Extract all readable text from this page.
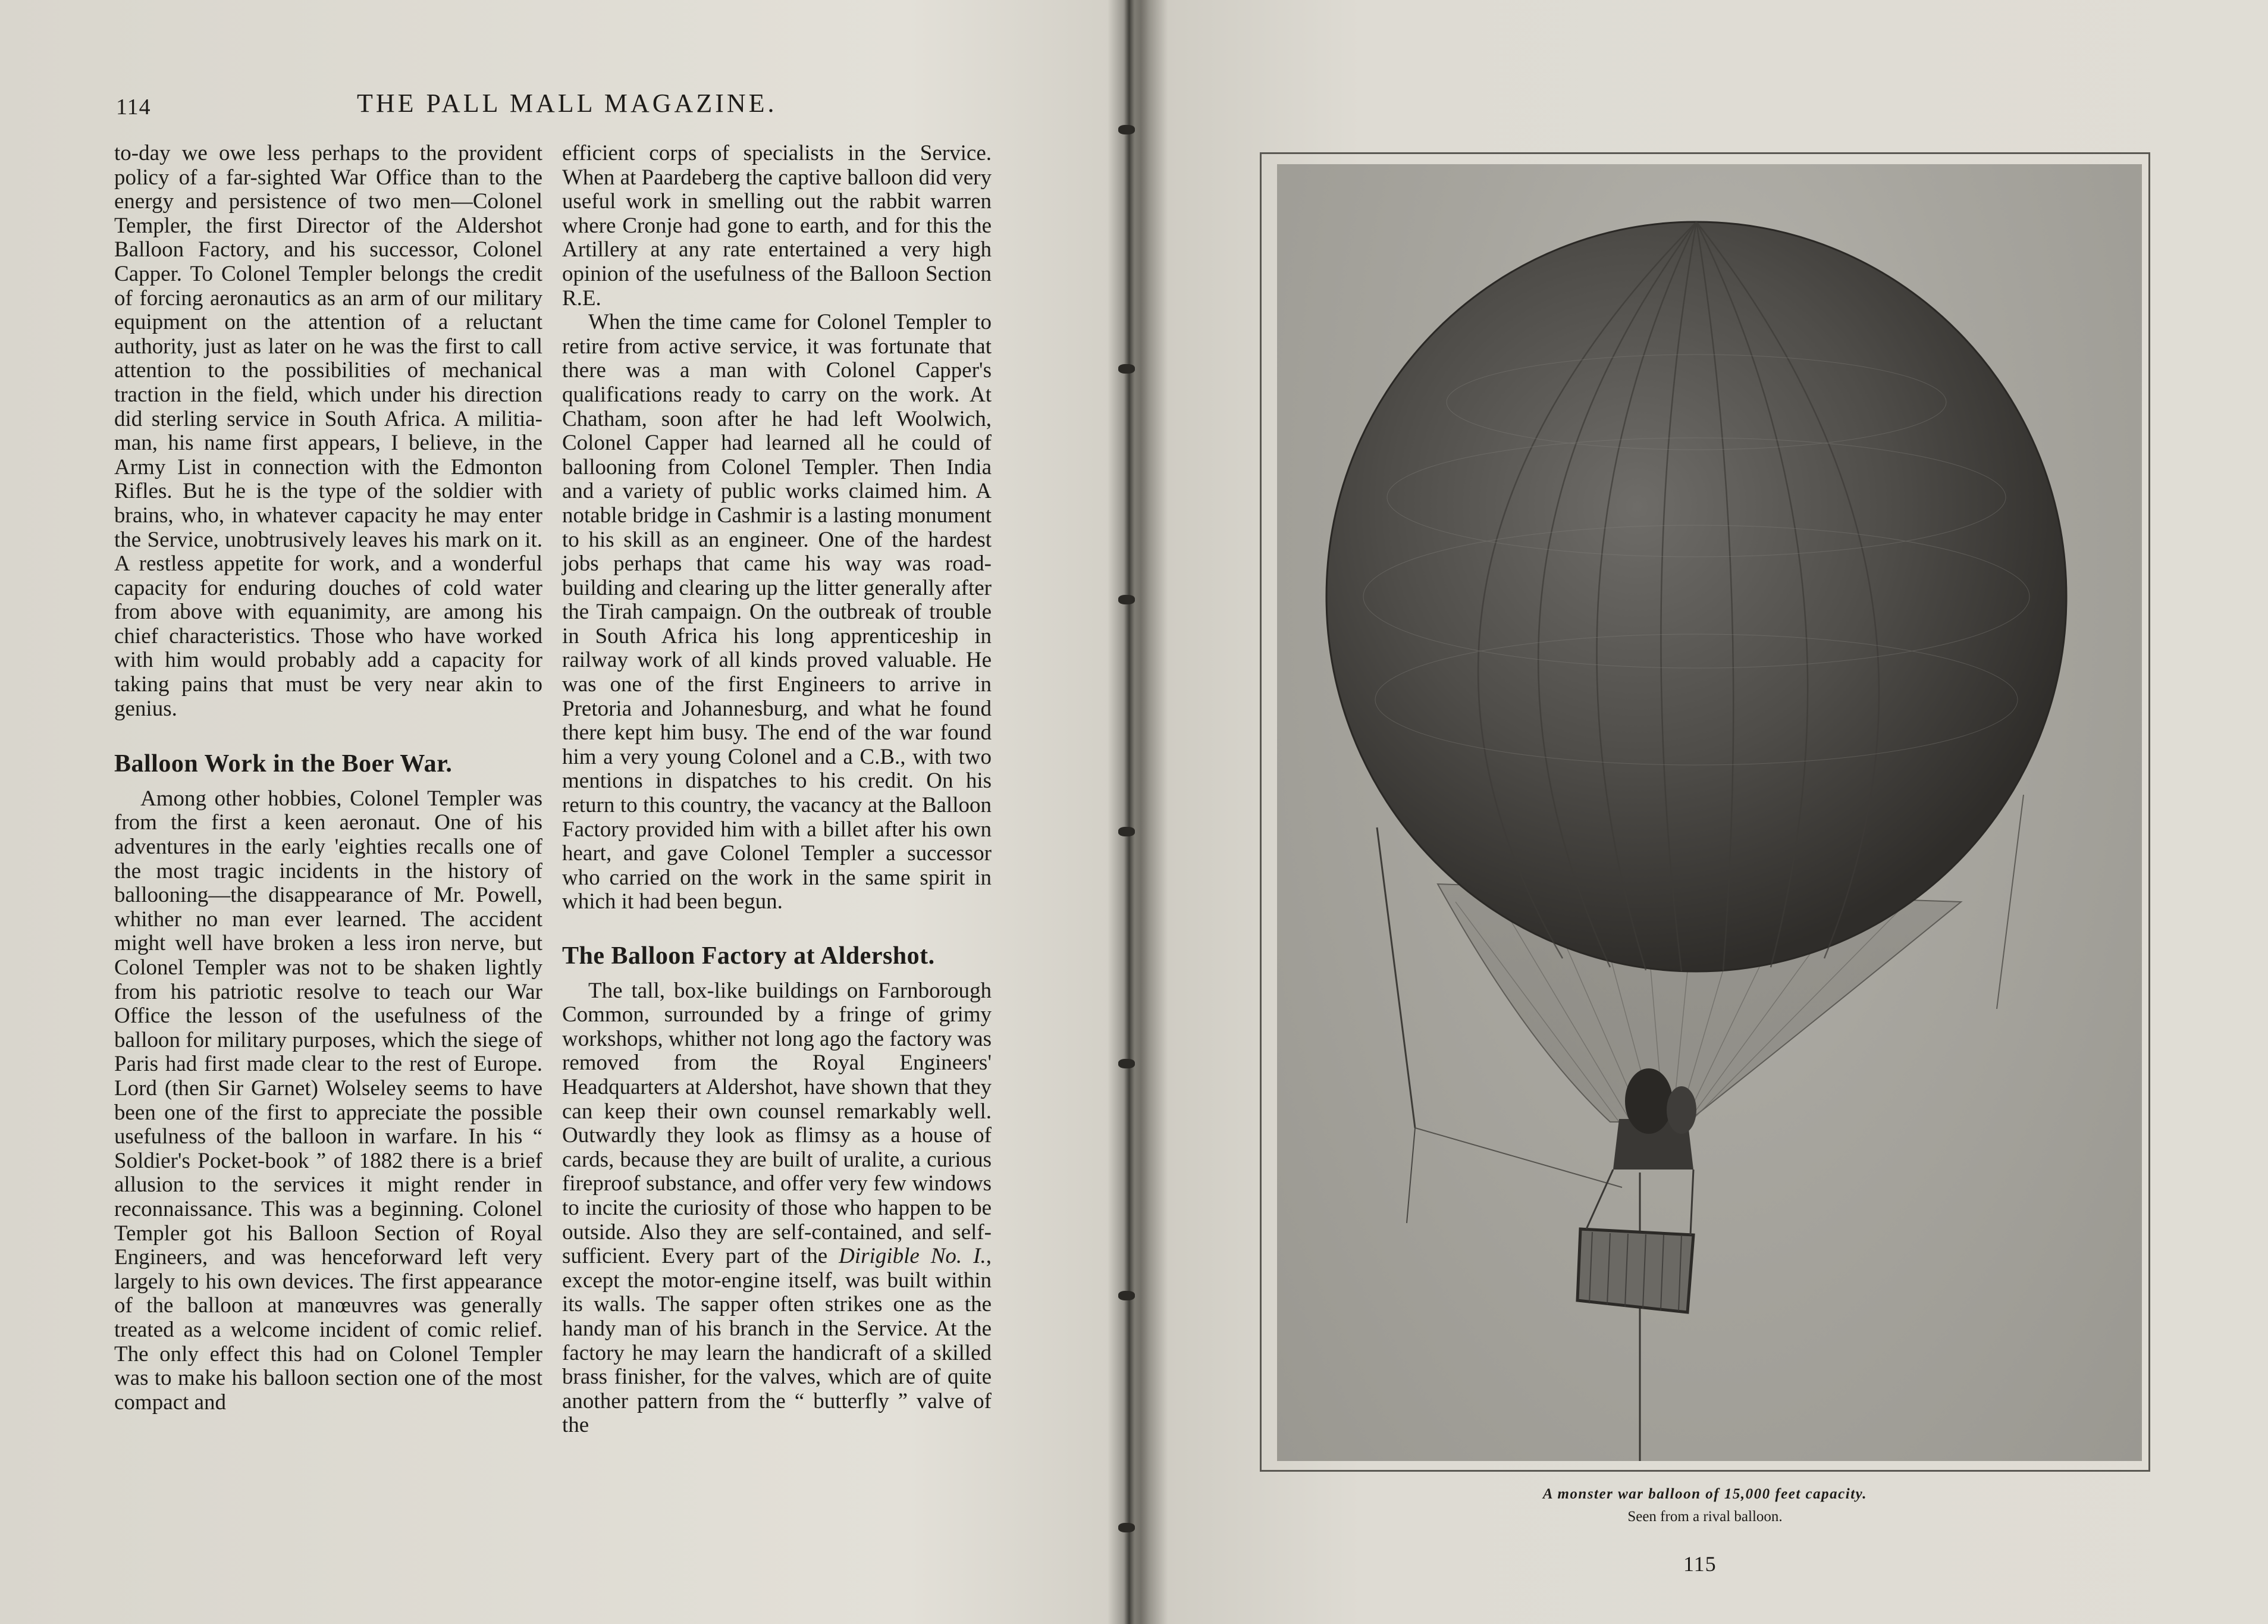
114	THE PALL MALL MAGAZINE.

to-day we owe less perhaps to the provident policy of a far-sighted War Office than to the energy and persistence of two men—Colonel Templer, the first Director of the Aldershot Balloon Factory, and his successor, Colonel Capper. To Colonel Templer belongs the credit of forcing aeronautics as an arm of our military equipment on the attention of a reluctant authority, just as later on he was the first to call attention to the possibilities of mechanical traction in the field, which under his direction did sterling service in South Africa. A militia-man, his name first appears, I believe, in the Army List in connection with the Edmonton Rifles. But he is the type of the soldier with brains, who, in whatever capacity he may enter the Service, unobtrusively leaves his mark on it. A restless appetite for work, and a wonderful capacity for enduring douches of cold water from above with equanimity, are among his chief characteristics. Those who have worked with him would probably add a capacity for taking pains that must be very near akin to genius.

Balloon Work in the Boer War.

Among other hobbies, Colonel Templer was from the first a keen aeronaut. One of his adventures in the early 'eighties recalls one of the most tragic incidents in the history of ballooning—the disappearance of Mr. Powell, whither no man ever learned. The accident might well have broken a less iron nerve, but Colonel Templer was not to be shaken lightly from his patriotic resolve to teach our War Office the lesson of the usefulness of the balloon for military purposes, which the siege of Paris had first made clear to the rest of Europe. Lord (then Sir Garnet) Wolseley seems to have been one of the first to appreciate the possible usefulness of the balloon in warfare. In his “ Soldier's Pocket-book ” of 1882 there is a brief allusion to the services it might render in reconnaissance. This was a beginning. Colonel Templer got his Balloon Section of Royal Engineers, and was henceforward left very largely to his own devices. The first appearance of the balloon at manœuvres was generally treated as a welcome incident of comic relief. The only effect this had on Colonel Templer was to make his balloon section one of the most compact and

efficient corps of specialists in the Service. When at Paardeberg the captive balloon did very useful work in smelling out the rabbit warren where Cronje had gone to earth, and for this the Artillery at any rate entertained a very high opinion of the usefulness of the Balloon Section R.E.

When the time came for Colonel Templer to retire from active service, it was fortunate that there was a man with Colonel Capper's qualifications ready to carry on the work. At Chatham, soon after he had left Woolwich, Colonel Capper had learned all he could of ballooning from Colonel Templer. Then India and a variety of public works claimed him. A notable bridge in Cashmir is a lasting monument to his skill as an engineer. One of the hardest jobs perhaps that came his way was road-building and clearing up the litter generally after the Tirah campaign. On the outbreak of trouble in South Africa his long apprenticeship in railway work of all kinds proved valuable. He was one of the first Engineers to arrive in Pretoria and Johannesburg, and what he found there kept him busy. The end of the war found him a very young Colonel and a C.B., with two mentions in dispatches to his credit. On his return to this country, the vacancy at the Balloon Factory provided him with a billet after his own heart, and gave Colonel Templer a successor who carried on the work in the same spirit in which it had been begun.

The Balloon Factory at Aldershot.

The tall, box-like buildings on Farnborough Common, surrounded by a fringe of grimy workshops, whither not long ago the factory was removed from the Royal Engineers' Headquarters at Aldershot, have shown that they can keep their own counsel remarkably well. Outwardly they look as flimsy as a house of cards, because they are built of uralite, a curious fireproof substance, and offer very few windows to incite the curiosity of those who happen to be outside. Also they are self-contained, and self-sufficient. Every part of the Dirigible No. I., except the motor-engine itself, was built within its walls. The sapper often strikes one as the handy man of his branch in the Service. At the factory he may learn the handicraft of a skilled brass finisher, for the valves, which are of quite another pattern from the “ butterfly ” valve of the

A monster war balloon of 15,000 feet capacity.
Seen from a rival balloon.
115
